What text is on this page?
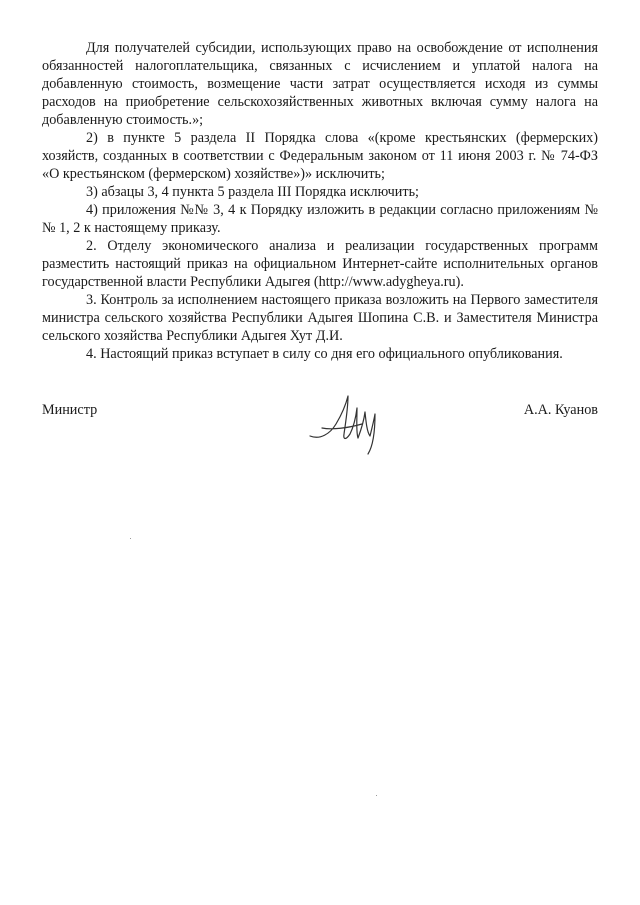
Для получателей субсидии, использующих право на освобождение от исполнения обязанностей налогоплательщика, связанных с исчислением и уплатой налога на добавленную стоимость, возмещение части затрат осуществляется исходя из суммы расходов на приобретение сельскохозяйственных животных включая сумму налога на добавленную стоимость.»;

2) в пункте 5 раздела II Порядка слова «(кроме крестьянских (фермерских) хозяйств, созданных в соответствии с Федеральным законом от 11 июня 2003 г. № 74-ФЗ «О крестьянском (фермерском) хозяйстве»)» исключить;

3) абзацы 3, 4 пункта 5 раздела III Порядка исключить;

4) приложения №№ 3, 4 к Порядку изложить в редакции согласно приложениям №№ 1, 2 к настоящему приказу.

2. Отделу экономического анализа и реализации государственных программ разместить настоящий приказ на официальном Интернет-сайте исполнительных органов государственной власти Республики Адыгея (http://www.adygheya.ru).

3. Контроль за исполнением настоящего приказа возложить на Первого заместителя министра сельского хозяйства Республики Адыгея Шопина С.В. и Заместителя Министра сельского хозяйства Республики Адыгея Хут Д.И.

4. Настоящий приказ вступает в силу со дня его официального опубликования.

Министр	А.А. Куанов
